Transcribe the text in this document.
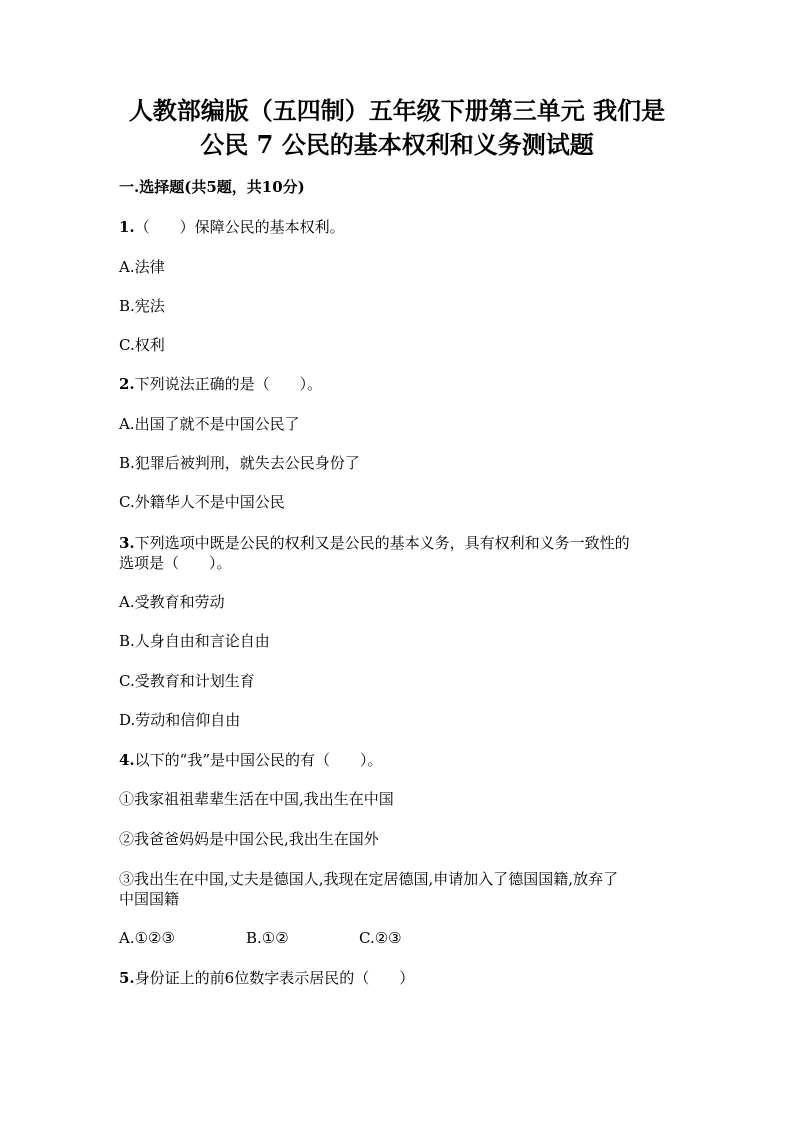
人教部编版（五四制）五年级下册第三单元 我们是
公民 7 公民的基本权利和义务测试题
一.选择题(共5题，共10分)
1.（　　）保障公民的基本权利。
A.法律
B.宪法
C.权利
2.下列说法正确的是（　　）。
A.出国了就不是中国公民了
B.犯罪后被判刑，就失去公民身份了
C.外籍华人不是中国公民
3.下列选项中既是公民的权利又是公民的基本义务，具有权利和义务一致性的
选项是（　　）。
A.受教育和劳动
B.人身自由和言论自由
C.受教育和计划生育
D.劳动和信仰自由
4.以下的“我”是中国公民的有（　　）。
①我家祖祖辈辈生活在中国,我出生在中国
②我爸爸妈妈是中国公民,我出生在国外
③我出生在中国,丈夫是德国人,我现在定居德国,申请加入了德国国籍,放弃了
中国国籍
A.①②③	B.①②	C.②③
5.身份证上的前6位数字表示居民的（　　）
